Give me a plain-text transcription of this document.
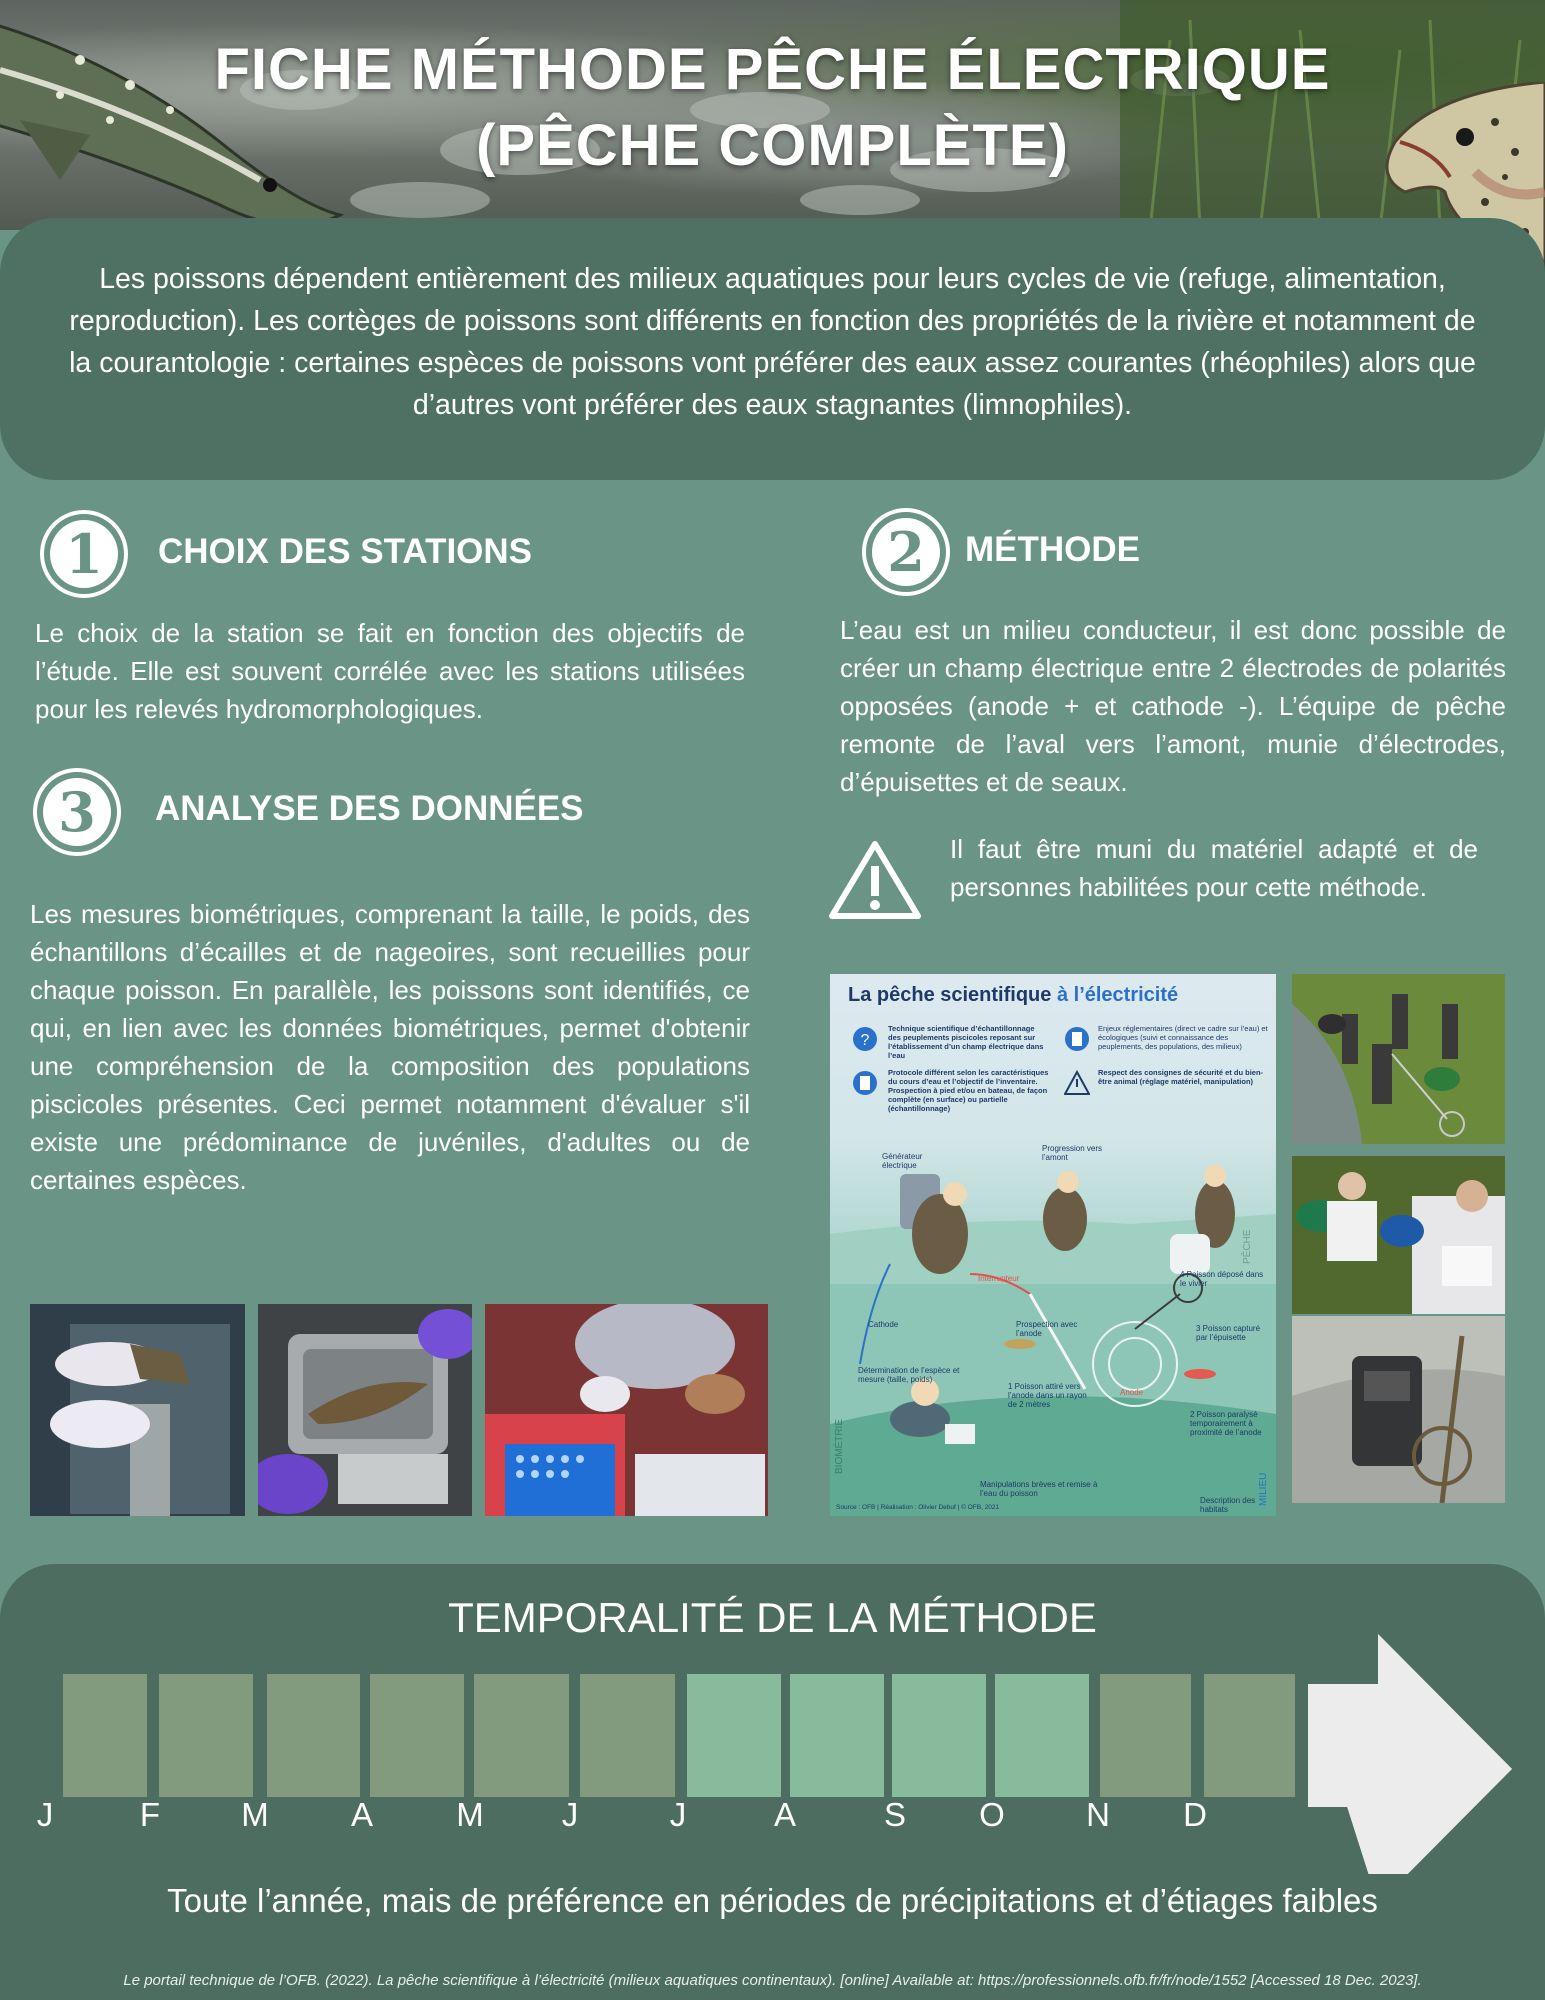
FICHE MÉTHODE PÊCHE ÉLECTRIQUE
(PÊCHE COMPLÈTE)

Les poissons dépendent entièrement des milieux aquatiques pour leurs cycles de vie (refuge, alimentation, reproduction). Les cortèges de poissons sont différents en fonction des propriétés de la rivière et notamment de la courantologie : certaines espèces de poissons vont préférer des eaux assez courantes (rhéophiles) alors que d’autres vont préférer des eaux stagnantes (limnophiles).

1	CHOIX DES STATIONS

Le choix de la station se fait en fonction des objectifs de l’étude. Elle est souvent corrélée avec les stations utilisées pour les relevés hydromorphologiques.

3	ANALYSE DES DONNÉES

Les mesures biométriques, comprenant la taille, le poids, des échantillons d’écailles et de nageoires, sont recueillies pour chaque poisson. En parallèle, les poissons sont identifiés, ce qui, en lien avec les données biométriques, permet d'obtenir une compréhension de la composition des populations piscicoles présentes. Ceci permet notamment d'évaluer s'il existe une prédominance de juvéniles, d'adultes ou de certaines espèces.

2	MÉTHODE

L’eau est un milieu conducteur, il est donc possible de créer un champ électrique entre 2 électrodes de polarités opposées (anode + et cathode -). L’équipe de pêche remonte de l’aval vers l’amont, munie d’électrodes, d’épuisettes et de seaux.

Il faut être muni du matériel adapté et de personnes habilitées pour cette méthode.

La pêche scientifique à l’électricité
?
Technique scientifique d’échantillonnage des peuplements piscicoles reposant sur l’établissement d’un champ électrique dans l’eau
Enjeux réglementaires (direct ve cadre sur l’eau) et écologiques (suivi et connaissance des peuplements, des populations, des milieux)
Protocole différent selon les caractéristiques du cours d’eau et l’objectif de l’inventaire. Prospection à pied et/ou en bateau, de façon complète (en surface) ou partielle (échantillonnage)
Respect des consignes de sécurité et du bien-être animal (réglage matériel, manipulation)
Générateur électrique
Progression vers l’amont
Interrupteur	4 Poisson déposé dans le vivier
Cathode	Prospection avec l’anode
3 Poisson capturé par l’épuisette
Détermination de l’espèce et mesure (taille, poids)
1 Poisson attiré vers l’anode dans un rayon de 2 mètres
Anode
2 Poisson paralysé temporairement à proximité de l’anode
Manipulations brèves et remise à l’eau du poisson
Description des habitats
PÊCHE
BIOMÉTRIE
MILIEU
Source : OFB | Réalisation : Olivier Debuf | © OFB, 2021
TEMPORALITÉ DE LA MÉTHODE
J	F	M	A	M	J	J	A	S	O	N	D
Toute l’année, mais de préférence en périodes de précipitations et d’étiages faibles
Le portail technique de l’OFB. (2022). La pêche scientifique à l’électricité (milieux aquatiques continentaux). [online] Available at: https://professionnels.ofb.fr/fr/node/1552 [Accessed 18 Dec. 2023].
